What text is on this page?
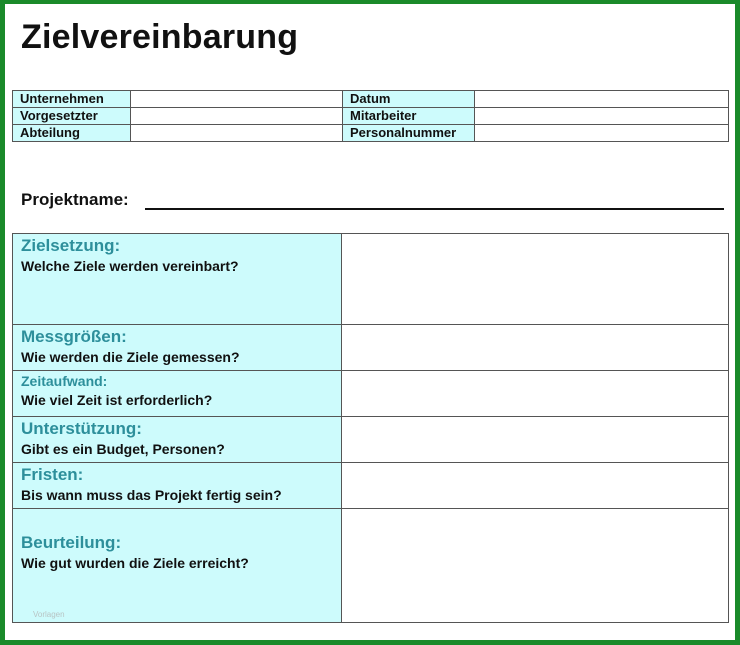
Zielvereinbarung
Unternehmen		Datum	
Vorgesetzter		Mitarbeiter	
Abteilung		Personalnummer	
Projektname:
Zielsetzung:
Welche Ziele werden vereinbart?	

Messgrößen:
Wie werden die Ziele gemessen?	

Zeitaufwand:
Wie viel Zeit ist erforderlich?	

Unterstützung:
Gibt es ein Budget, Personen?	

Fristen:
Bis wann muss das Projekt fertig sein?	

Beurteilung:
Wie gut wurden die Ziele erreicht?
Vorlagen	
